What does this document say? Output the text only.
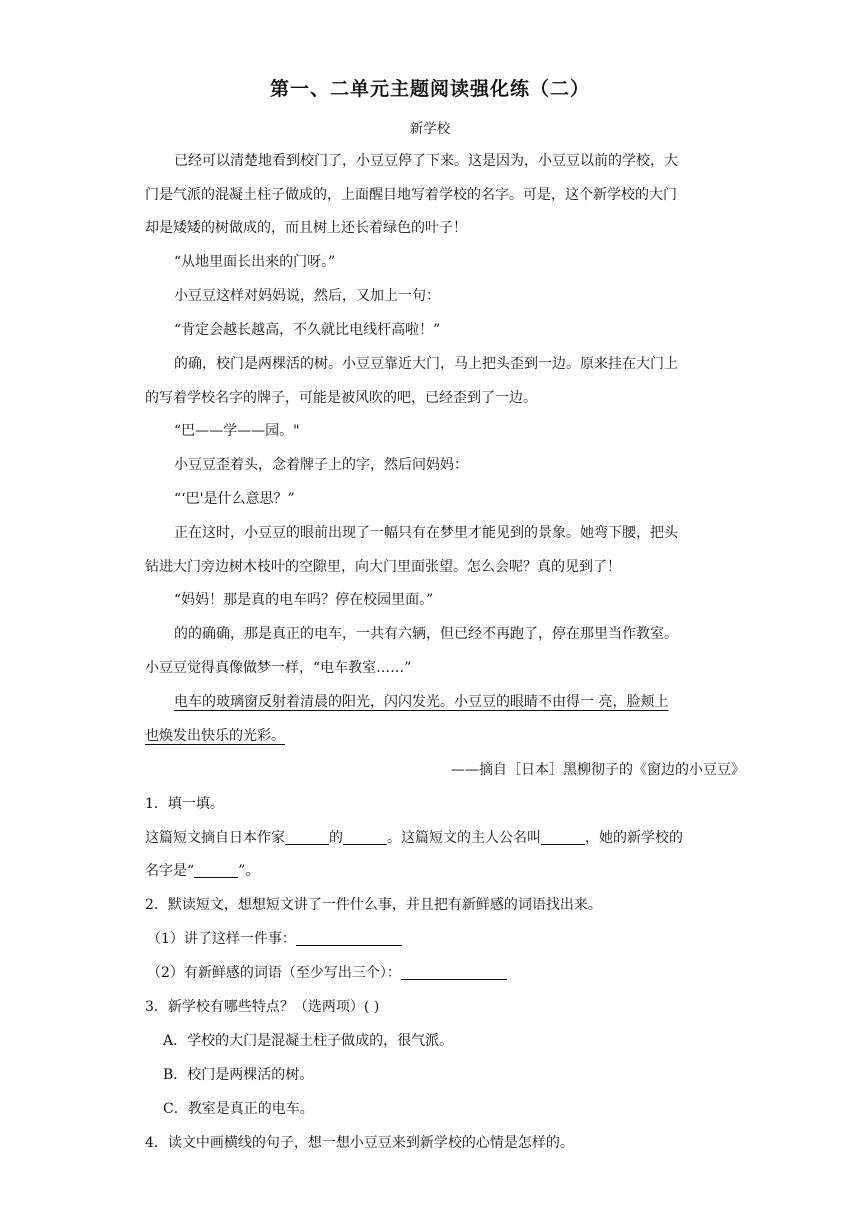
第一、二单元主题阅读强化练（二）
新学校
已经可以清楚地看到校门了，小豆豆停了下来。这是因为，小豆豆以前的学校，大
门是气派的混凝土柱子做成的，上面醒目地写着学校的名字。可是，这个新学校的大门
却是矮矮的树做成的，而且树上还长着绿色的叶子！
“从地里面长出来的门呀。”
小豆豆这样对妈妈说，然后，又加上一句：
“肯定会越长越高，不久就比电线杆高啦！”
的确，校门是两棵活的树。小豆豆靠近大门，马上把头歪到一边。原来挂在大门上
的写着学校名字的牌子，可能是被风吹的吧，已经歪到了一边。
“巴——学——园。"
小豆豆歪着头，念着牌子上的字，然后问妈妈：
“‘巴'是什么意思？”
正在这时，小豆豆的眼前出现了一幅只有在梦里才能见到的景象。她弯下腰，把头
钻进大门旁边树木枝叶的空隙里，向大门里面张望。怎么会呢？真的见到了！
“妈妈！那是真的电车吗？停在校园里面。”
的的确确，那是真正的电车，一共有六辆，但已经不再跑了，停在那里当作教室。
小豆豆觉得真像做梦一样，“电车教室……”
电车的玻璃窗反射着清晨的阳光，闪闪发光。小豆豆的眼睛不由得一 亮，脸颊上
也焕发出快乐的光彩。
——摘自［日本］黑柳彻子的《窗边的小豆豆》
1．填一填。
这篇短文摘自日本作家	的	。这篇短文的主人公名叫	，她的新学校的
名字是“	”。
2．默读短文，想想短文讲了一件什么事，并且把有新鲜感的词语找出来。
（1）讲了这样一件事：
（2）有新鲜感的词语（至少写出三个）：
3．新学校有哪些特点？（选两项）( )
A．学校的大门是混凝土柱子做成的，很气派。
B．校门是两棵活的树。
C．教室是真正的电车。
4．读文中画横线的句子，想一想小豆豆来到新学校的心情是怎样的。
